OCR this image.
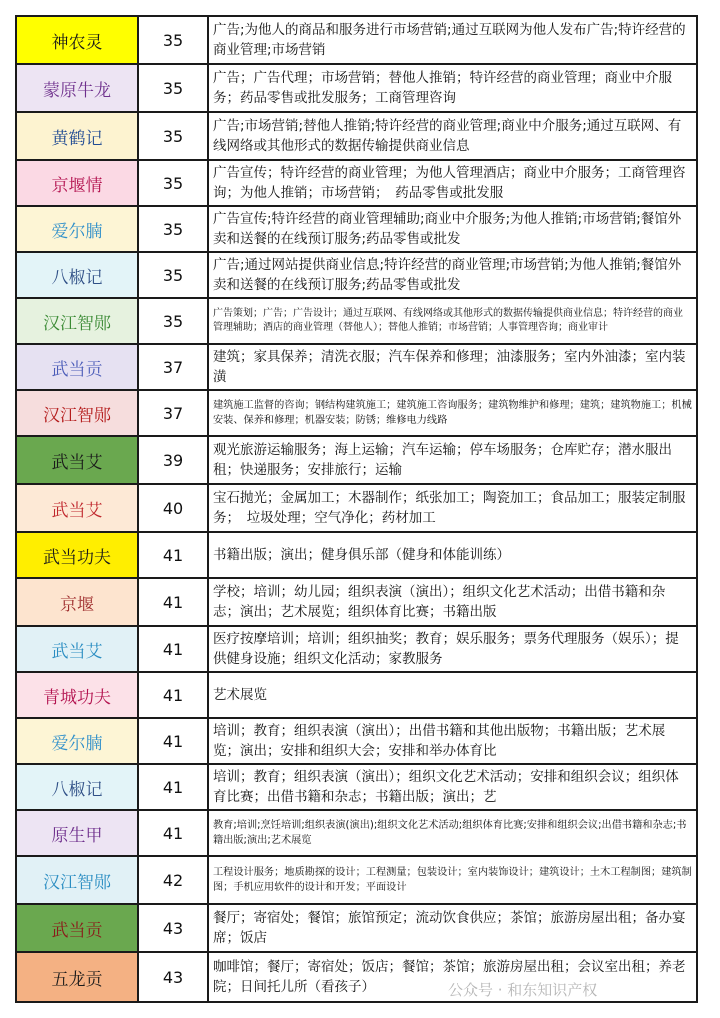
神农灵	35	广告;为他人的商品和服务进行市场营销;通过互联网为他人发布广告;特许经营的商业管理;市场营销

蒙原牛龙	35	广告；广告代理；市场营销；替他人推销；特许经营的商业管理；商业中介服务；药品零售或批发服务；工商管理咨询

黄鹤记	35	广告;市场营销;替他人推销;特许经营的商业管理;商业中介服务;通过互联网、有线网络或其他形式的数据传输提供商业信息

京堰情	35	广告宣传；特许经营的商业管理；为他人管理酒店；商业中介服务；工商管理咨询；为他人推销；市场营销；　药品零售或批发服

爱尔腩	35	广告宣传;特许经营的商业管理辅助;商业中介服务;为他人推销;市场营销;餐馆外卖和送餐的在线预订服务;药品零售或批发

八椒记	35	广告;通过网站提供商业信息;特许经营的商业管理;市场营销;为他人推销;餐馆外卖和送餐的在线预订服务;药品零售或批发

汉江智郧	35	广告策划；广告；广告设计；通过互联网、有线网络或其他形式的数据传输提供商业信息；特许经营的商业管理辅助；酒店的商业管理（替他人）；替他人推销；市场营销；人事管理咨询；商业审计

武当贡	37	建筑；家具保养；清洗衣服；汽车保养和修理；油漆服务；室内外油漆；室内装潢

汉江智郧	37	建筑施工监督的咨询；钢结构建筑施工；建筑施工咨询服务；建筑物维护和修理；建筑；建筑物施工；机械安装、保养和修理；机器安装；防锈；维修电力线路

武当艾	39	观光旅游运输服务；海上运输；汽车运输；停车场服务；仓库贮存；潜水服出租；快递服务；安排旅行；运输

武当艾	40	宝石抛光；金属加工；木器制作；纸张加工；陶瓷加工；食品加工；服装定制服务；　垃圾处理；空气净化；药材加工

武当功夫	41	书籍出版；演出；健身俱乐部（健身和体能训练）

京堰	41	学校；培训；幼儿园；组织表演（演出）；组织文化艺术活动；出借书籍和杂志；演出；艺术展览；组织体育比赛；书籍出版

武当艾	41	医疗按摩培训；培训；组织抽奖；教育；娱乐服务；票务代理服务（娱乐）；提供健身设施；组织文化活动；家教服务

青城功夫	41	艺术展览

爱尔腩	41	培训；教育；组织表演（演出）；出借书籍和其他出版物；书籍出版；艺术展览；演出；安排和组织大会；安排和举办体育比

八椒记	41	培训；教育；组织表演（演出）；组织文化艺术活动；安排和组织会议；组织体育比赛；出借书籍和杂志；书籍出版；演出；艺

原生甲	41	教育;培训;烹饪培训;组织表演(演出);组织文化艺术活动;组织体育比赛;安排和组织会议;出借书籍和杂志;书籍出版;演出;艺术展览

汉江智郧	42	工程设计服务；地质勘探的设计；工程测量；包装设计；室内装饰设计；建筑设计；土木工程制图；建筑制图；手机应用软件的设计和开发；平面设计

武当贡	43	餐厅；寄宿处；餐馆；旅馆预定；流动饮食供应；茶馆；旅游房屋出租；备办宴席；饭店

五龙贡	43	咖啡馆；餐厅；寄宿处；饭店；餐馆；茶馆；旅游房屋出租；会议室出租；养老院；日间托儿所（看孩子）	公众号 · 和东知识产权
